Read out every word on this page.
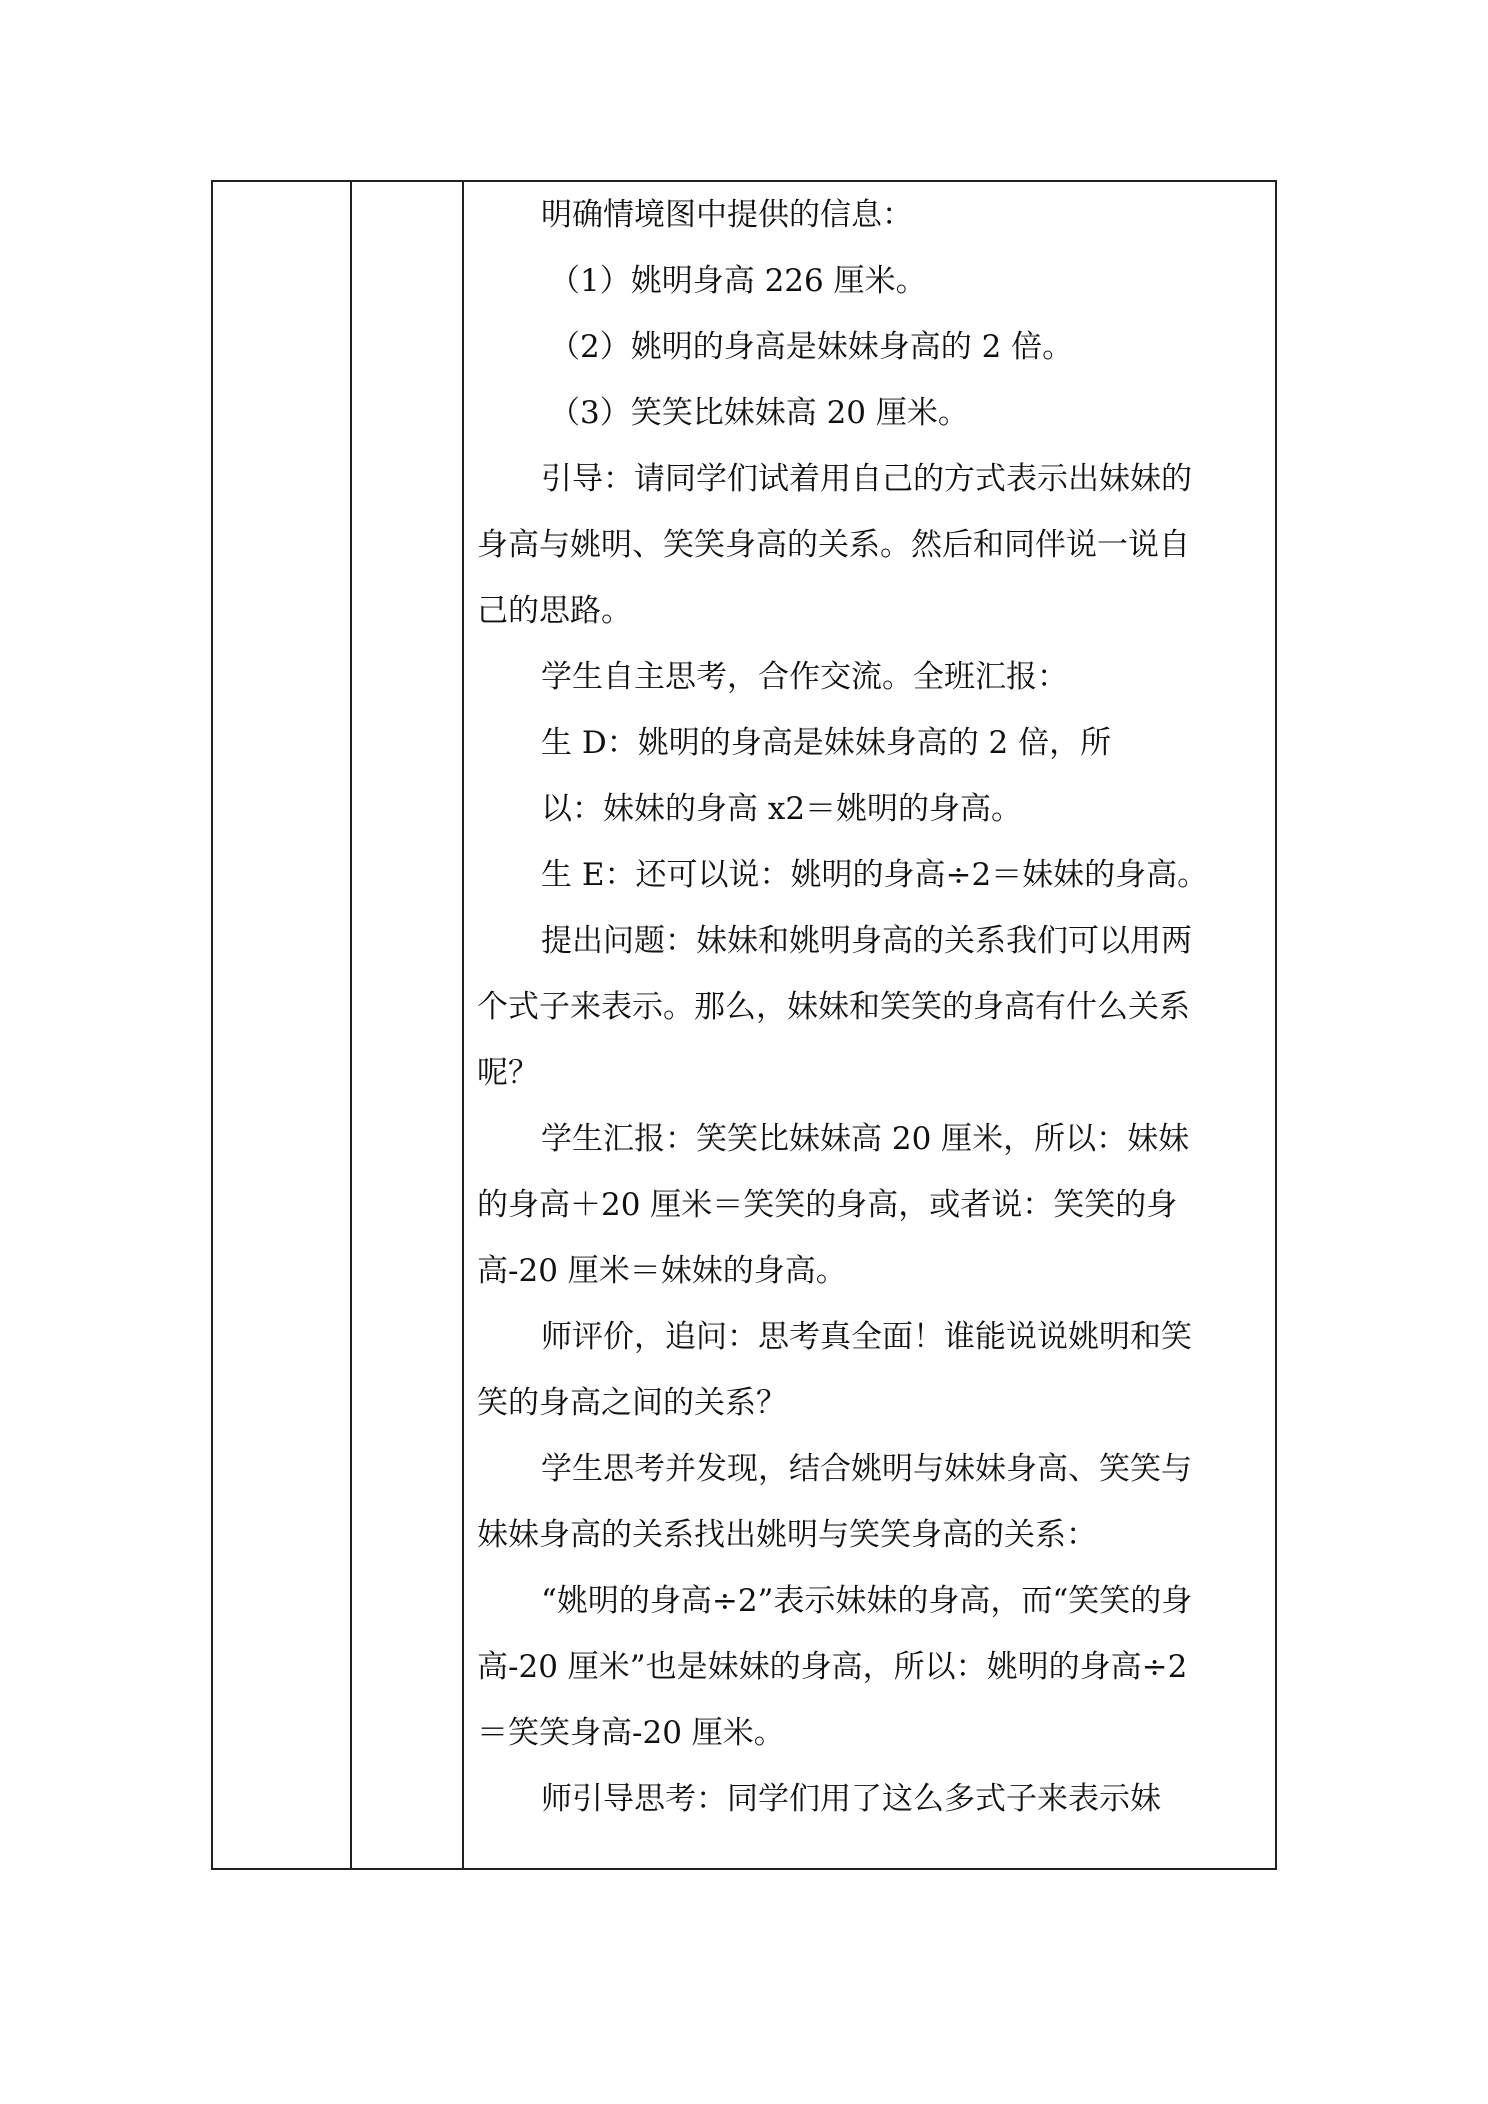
明确情境图中提供的信息：
（1）姚明身高 226 厘米。
（2）姚明的身高是妹妹身高的 2 倍。
（3）笑笑比妹妹高 20 厘米。
引导：请同学们试着用自己的方式表示出妹妹的
身高与姚明、笑笑身高的关系。然后和同伴说一说自
己的思路。
学生自主思考，合作交流。全班汇报：
生 D：姚明的身高是妹妹身高的 2 倍，所
以：妹妹的身高 x2＝姚明的身高。
生 E：还可以说：姚明的身高÷2＝妹妹的身高。
提出问题：妹妹和姚明身高的关系我们可以用两
个式子来表示。那么，妹妹和笑笑的身高有什么关系
呢？
学生汇报：笑笑比妹妹高 20 厘米，所以：妹妹
的身高＋20 厘米＝笑笑的身高，或者说：笑笑的身
高-20 厘米＝妹妹的身高。
师评价，追问：思考真全面！谁能说说姚明和笑
笑的身高之间的关系？
学生思考并发现，结合姚明与妹妹身高、笑笑与
妹妹身高的关系找出姚明与笑笑身高的关系：
“姚明的身高÷2”表示妹妹的身高，而“笑笑的身
高-20 厘米”也是妹妹的身高，所以：姚明的身高÷2
＝笑笑身高-20 厘米。
师引导思考：同学们用了这么多式子来表示妹
